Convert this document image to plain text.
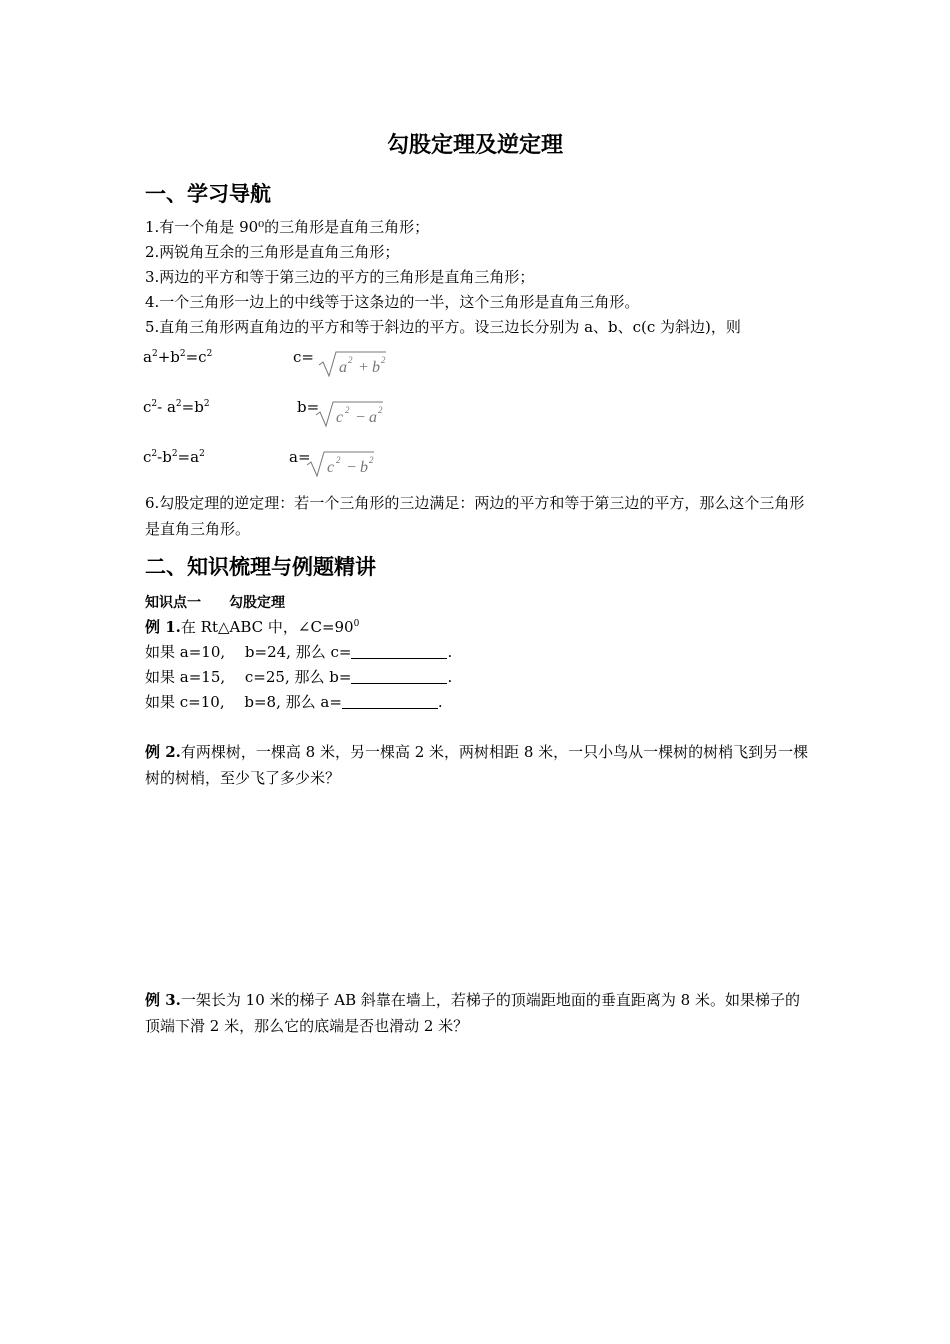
勾股定理及逆定理
一、学习导航
1.有一个角是 90⁰的三角形是直角三角形；
2.两锐角互余的三角形是直角三角形；
3.两边的平方和等于第三边的平方的三角形是直角三角形；
4.一个三角形一边上的中线等于这条边的一半，这个三角形是直角三角形。
5.直角三角形两直角边的平方和等于斜边的平方。设三边长分别为 a、b、c(c 为斜边)，则
$a^2+b^2=c^2$	c=
a 2 + b 2
$c^2-$ $a^2=b^2$	b=
c 2 − a 2
$c^2-b^2=a^2$	a=
c 2 − b 2
6.勾股定理的逆定理：若一个三角形的三边满足：两边的平方和等于第三边的平方，那么这个三角形是直角三角形。
二、知识梳理与例题精讲
知识点一　　勾股定理
例 1.在 Rt△ABC 中，$\angle C=90^0$
如果 a=10,　 b=24, 那么 c=	.
如果 a=15,　 c=25, 那么 b=	.
如果 c=10,　 b=8, 那么 a=	.
例 2.有两棵树，一棵高 8 米，另一棵高 2 米，两树相距 8 米，一只小鸟从一棵树的树梢飞到另一棵树的树梢，至少飞了多少米？
例 3.一架长为 10 米的梯子 AB 斜靠在墙上，若梯子的顶端距地面的垂直距离为 8 米。如果梯子的顶端下滑 2 米，那么它的底端是否也滑动 2 米？
